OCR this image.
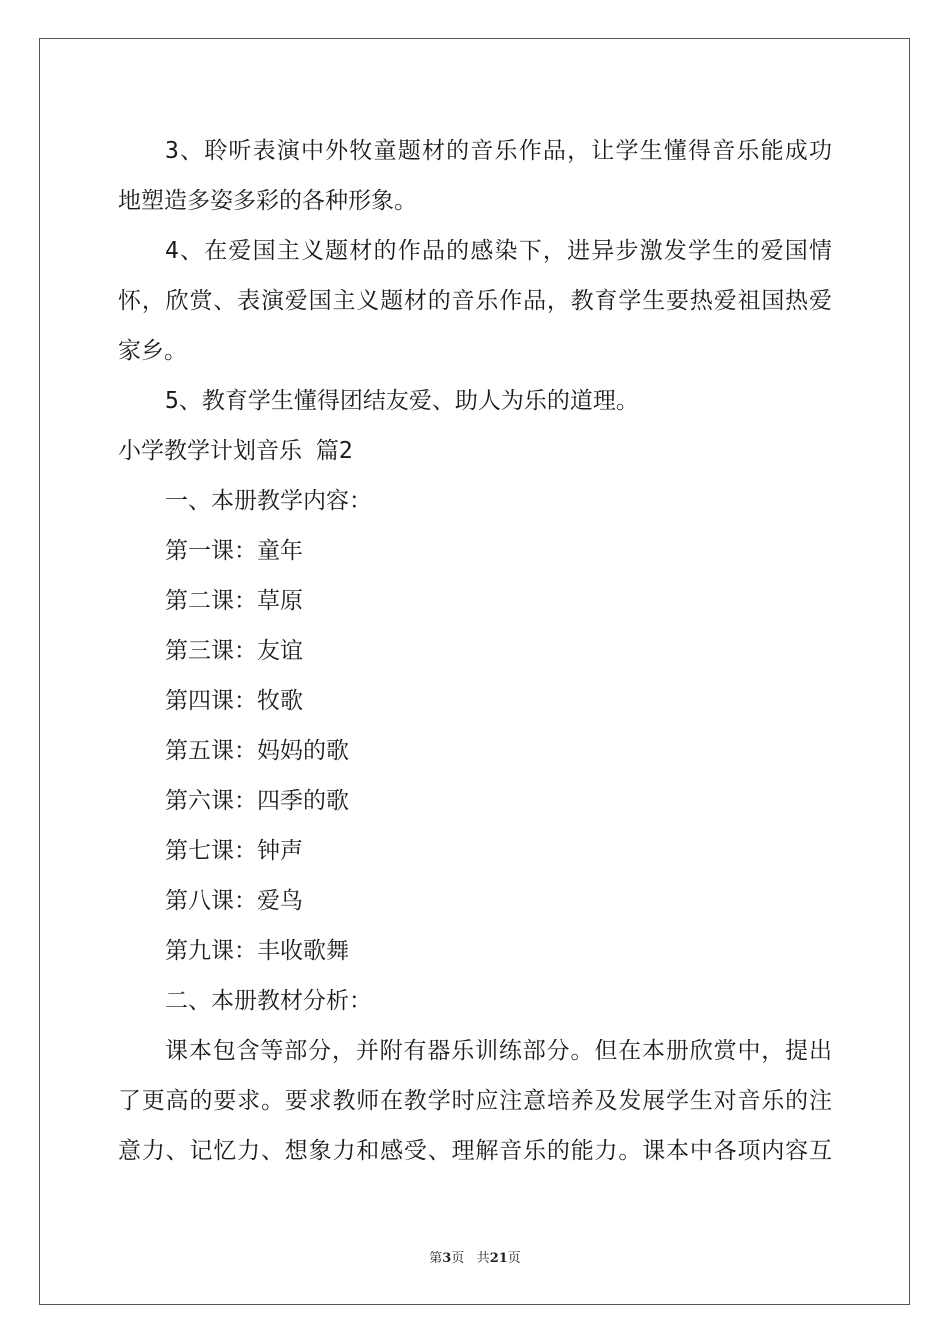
3、聆听表演中外牧童题材的音乐作品，让学生懂得音乐能成功
地塑造多姿多彩的各种形象。
4、在爱国主义题材的作品的感染下，进异步激发学生的爱国情
怀，欣赏、表演爱国主义题材的音乐作品，教育学生要热爱祖国热爱
家乡。
5、教育学生懂得团结友爱、助人为乐的道理。
小学教学计划音乐 篇2
一、本册教学内容：
第一课：童年
第二课：草原
第三课：友谊
第四课：牧歌
第五课：妈妈的歌
第六课：四季的歌
第七课：钟声
第八课：爱鸟
第九课：丰收歌舞
二、本册教材分析：
课本包含等部分，并附有器乐训练部分。但在本册欣赏中，提出
了更高的要求。要求教师在教学时应注意培养及发展学生对音乐的注
意力、记忆力、想象力和感受、理解音乐的能力。课本中各项内容互
第3页 共21页
